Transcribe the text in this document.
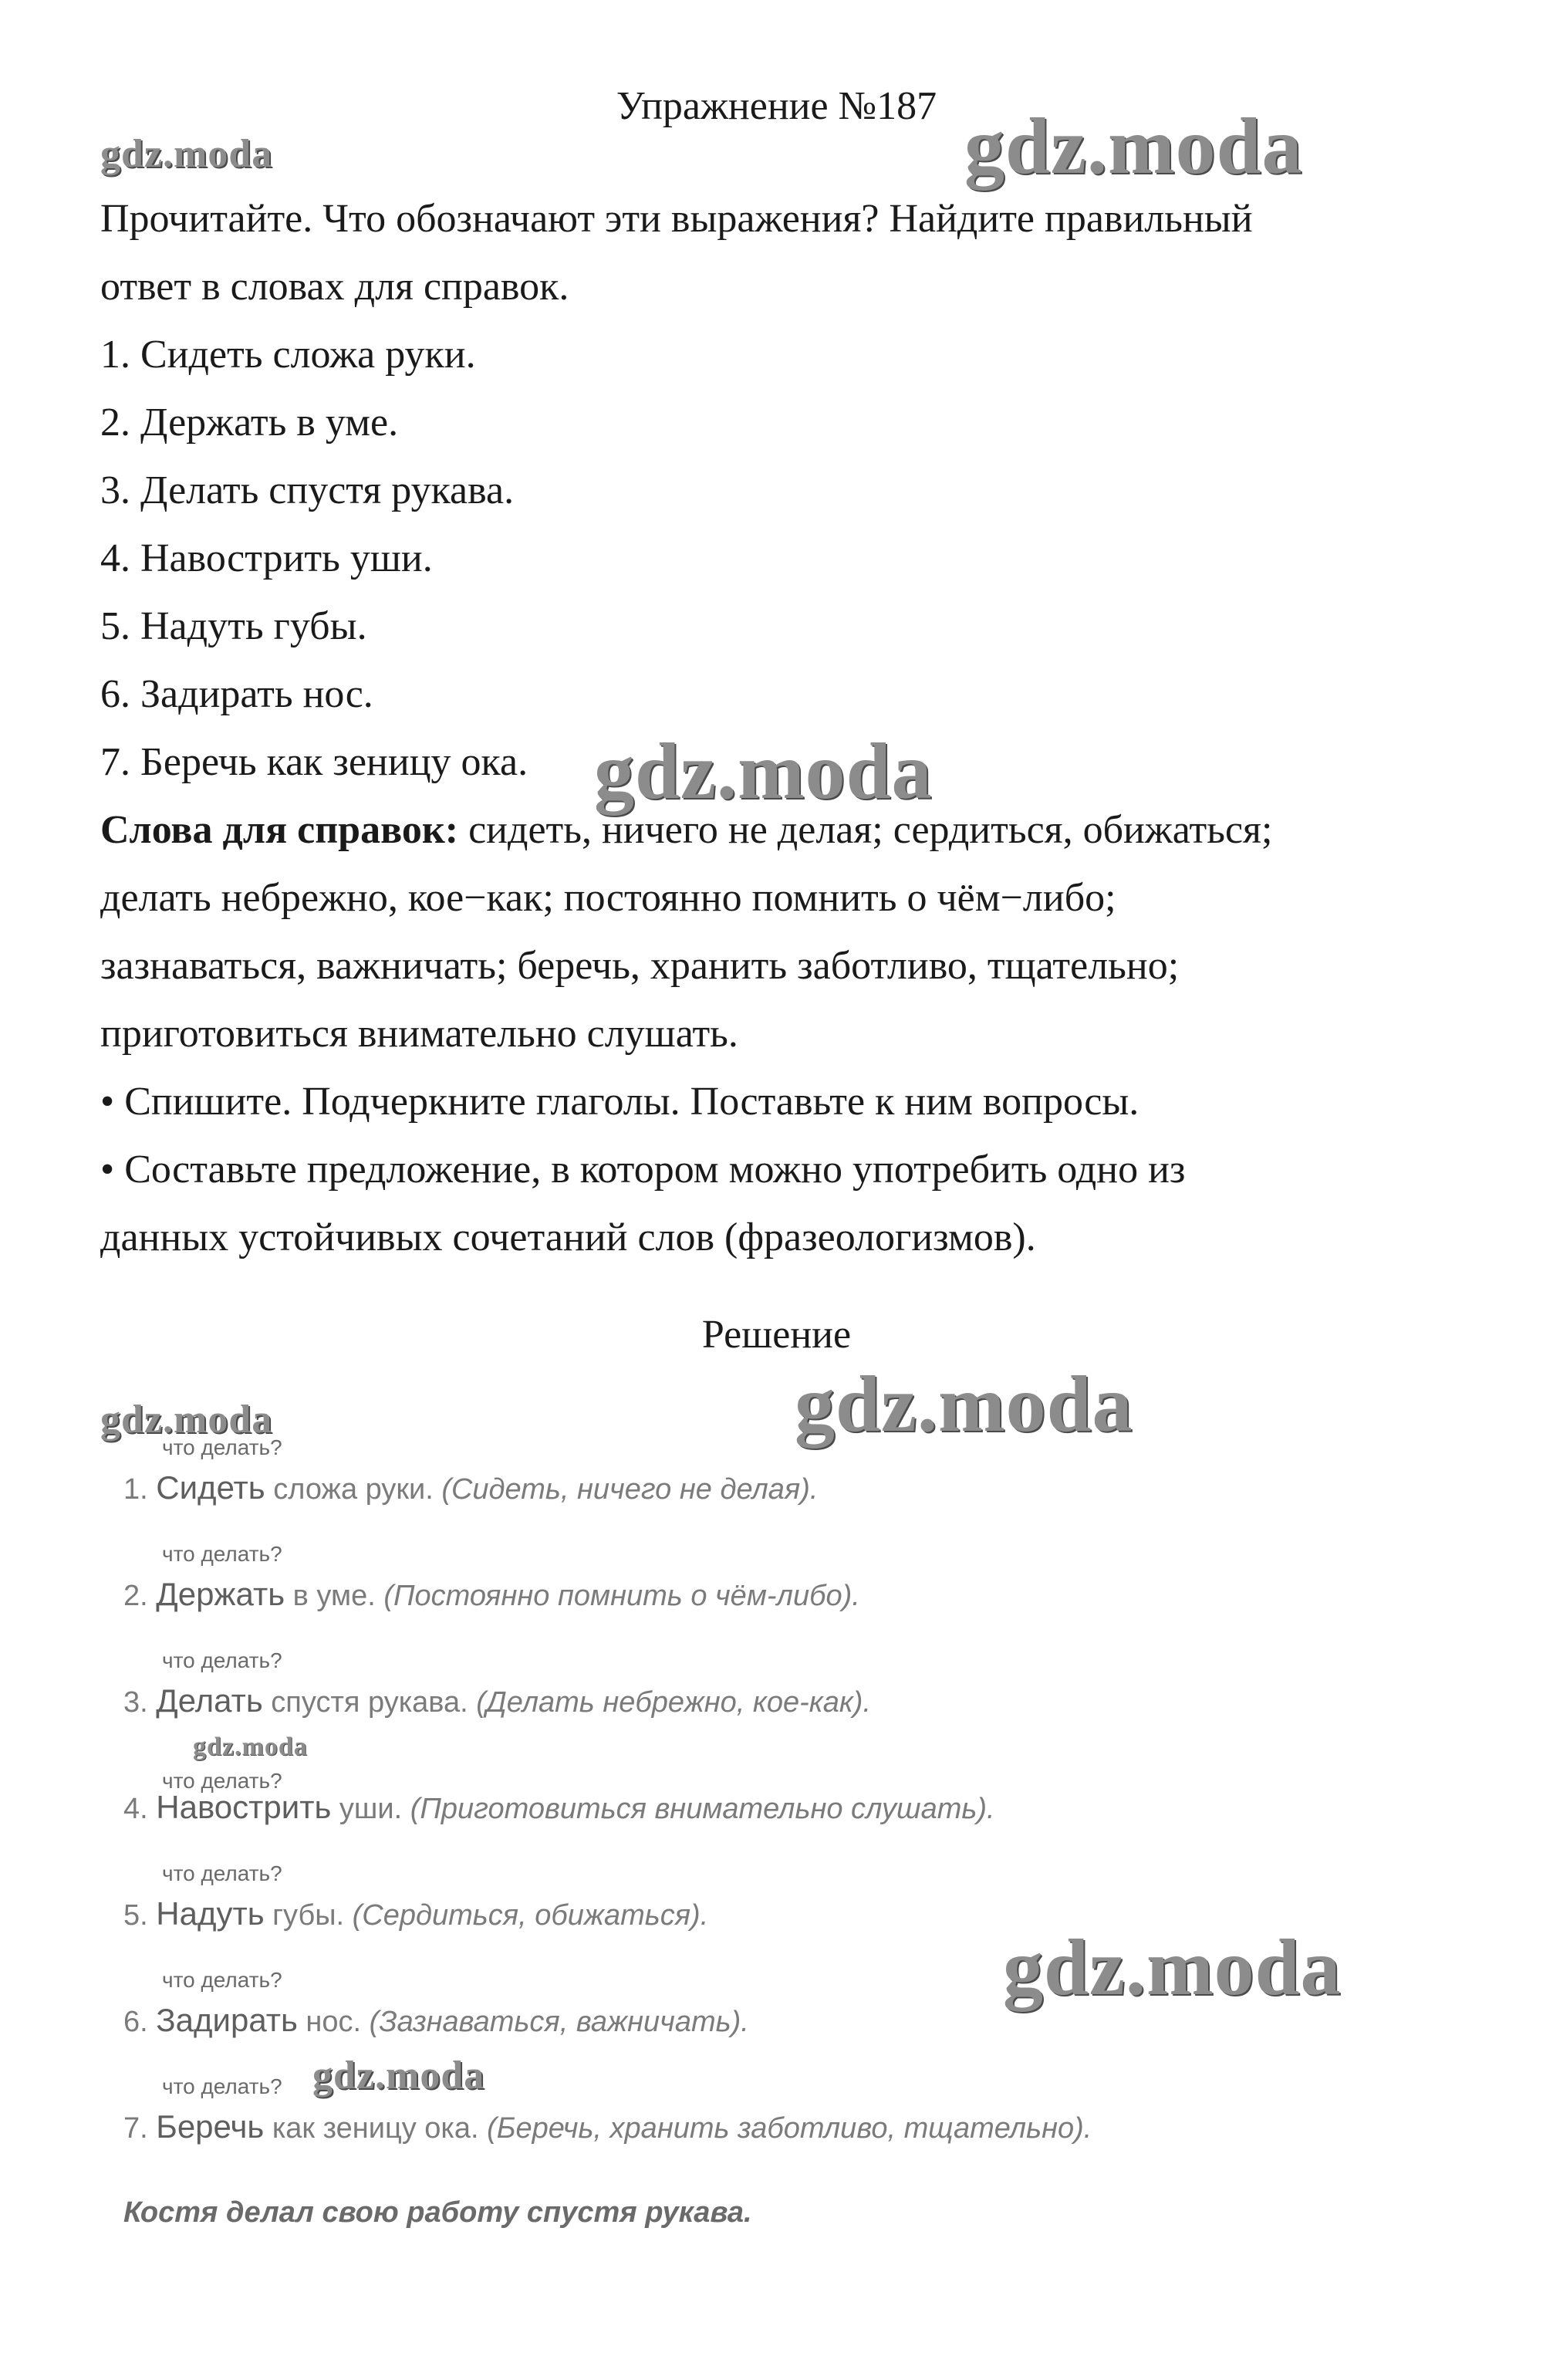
Упражнение №187
gdz.moda	gdz.moda

Прочитайте. Что обозначают эти выражения? Найдите правильный

ответ в словах для справок.

1. Сидеть сложа руки.

2. Держать в уме.

3. Делать спустя рукава.

4. Навострить уши.

5. Надуть губы.

6. Задирать нос.

7. Беречь как зеницу ока.

Слова для справок: сидеть, ничего не делая; сердиться, обижаться;

делать небрежно, кое−как; постоянно помнить о чём−либо;

зазнаваться, важничать; беречь, хранить заботливо, тщательно;

приготовиться внимательно слушать.

• Спишите. Подчеркните глаголы. Поставьте к ним вопросы.

• Составьте предложение, в котором можно употребить одно из

данных устойчивых сочетаний слов (фразеологизмов).

gdz.moda
Решение
gdz.moda
gdz.moda
что делать?
1. Сидеть сложа руки. (Сидеть, ничего не делая).
что делать?
2. Держать в уме. (Постоянно помнить о чём-либо).
что делать?
3. Делать спустя рукава. (Делать небрежно, кое-как).
что делать?
4. Навострить уши. (Приготовиться внимательно слушать).
что делать?
5. Надуть губы. (Сердиться, обижаться).
что делать?
6. Задирать нос. (Зазнаваться, важничать).
что делать?
7. Беречь как зеницу ока. (Беречь, хранить заботливо, тщательно).
Костя делал свою работу спустя рукава.
gdz.moda
gdz.moda
gdz.moda
